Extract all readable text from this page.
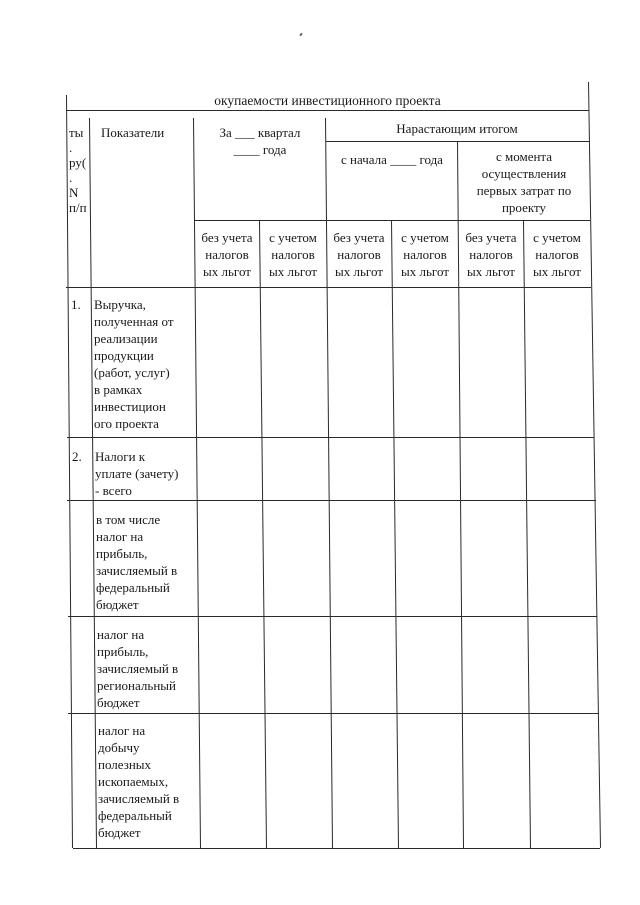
окупаемости инвестиционного проекта
ты
.
ру(
.
N
п/п
Показатели	За ___ квартал
____ года
Нарастающим итогом
с начала ____ года	с момента
осуществления
первых затрат по
проекту
без учета
налогов
ых льгот
с учетом
налогов
ых льгот
без учета
налогов
ых льгот
с учетом
налогов
ых льгот
без учета
налогов
ых льгот
с учетом
налогов
ых льгот
1. Выручка,
полученная от
реализации
продукции
(работ, услуг)
в рамках
инвестицион
ого проекта
2. Налоги к
уплате (зачету)
- всего
в том числе
налог на
прибыль,
зачисляемый в
федеральный
бюджет
налог на
прибыль,
зачисляемый в
региональный
бюджет
налог на
добычу
полезных
ископаемых,
зачисляемый в
федеральный
бюджет
